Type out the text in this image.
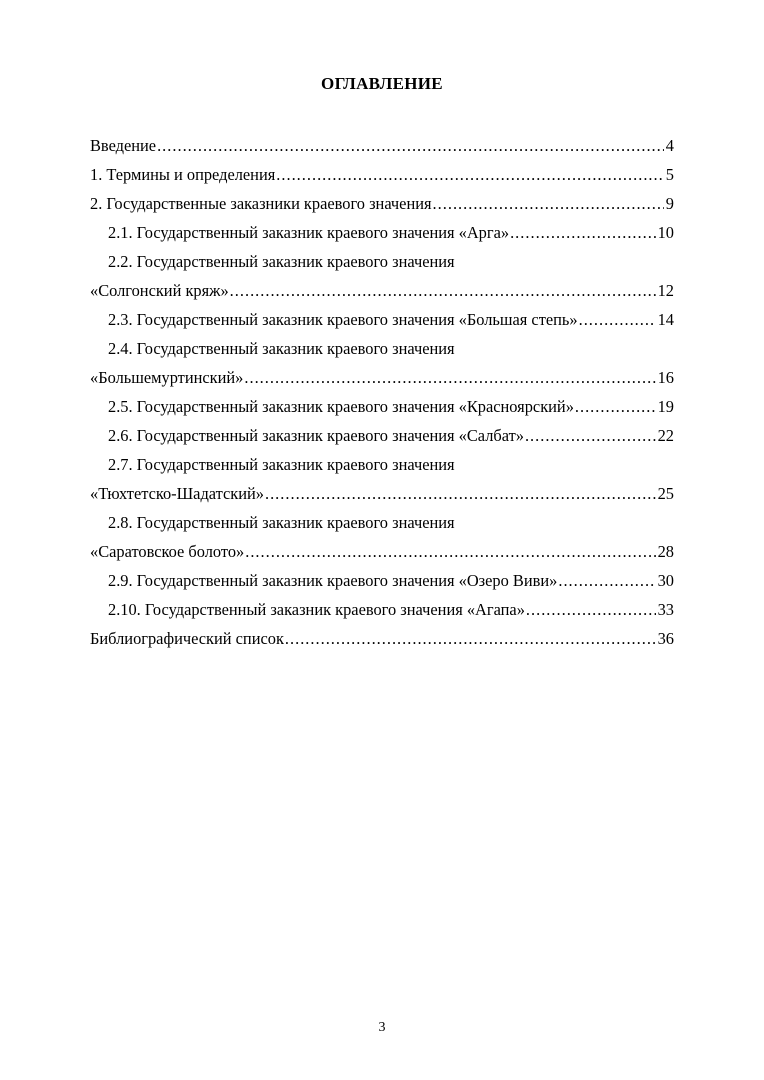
ОГЛАВЛЕНИЕ
Введение .....	4
1. Термины и определения .....	5
2. Государственные заказники краевого значения .....	9
2.1. Государственный заказник краевого значения «Арга» .....	10
2.2. Государственный заказник краевого значения
«Солгонский кряж» .....	12
2.3. Государственный заказник краевого значения «Большая степь» .....	14
2.4. Государственный заказник краевого значения
«Большемуртинский» .....	16
2.5. Государственный заказник краевого значения «Красноярский» .....	19
2.6. Государственный заказник краевого значения «Салбат» .....	22
2.7. Государственный заказник краевого значения
«Тюхтетско-Шадатский» .....	25
2.8. Государственный заказник краевого значения
«Саратовское болото» .....	28
2.9. Государственный заказник краевого значения «Озеро Виви» .....	30
2.10. Государственный заказник краевого значения «Агапа» .....	33
Библиографический список .....	36
3
